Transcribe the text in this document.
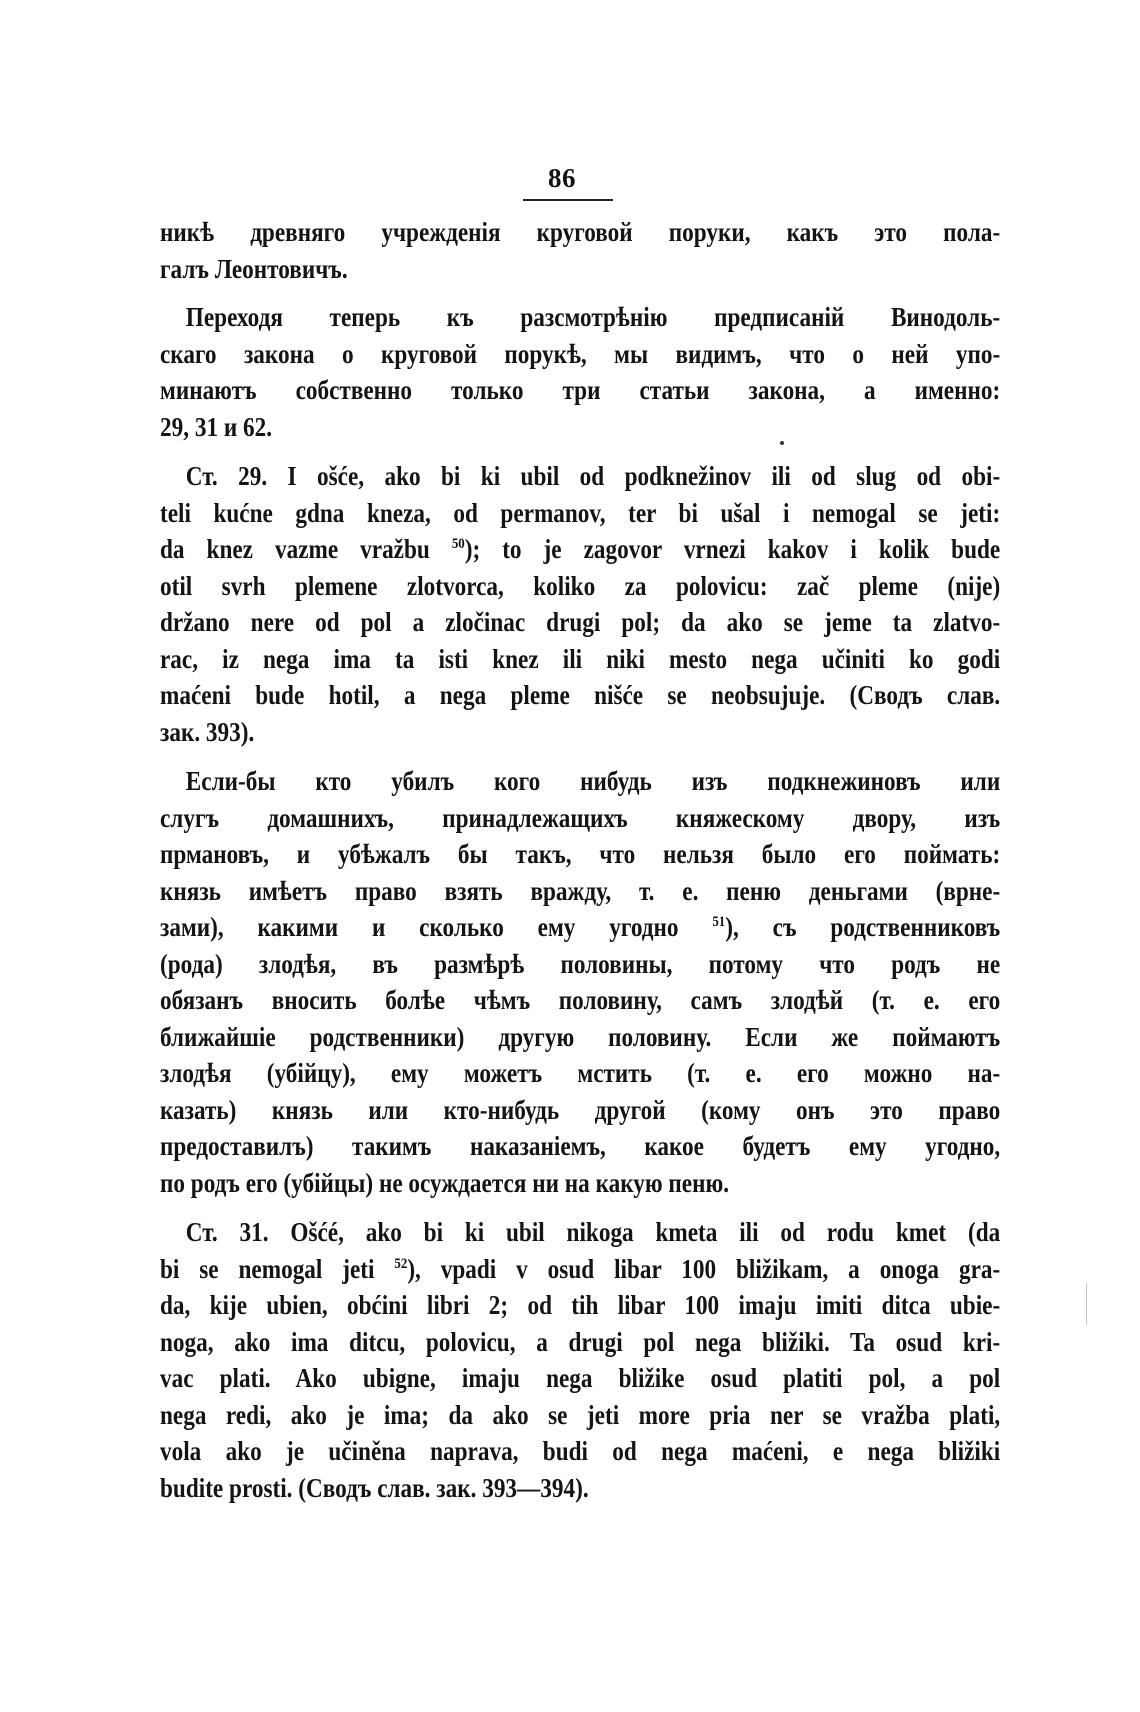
86
никѣ древняго учрежденія круговой поруки, какъ это пола-
галъ Леонтовичъ.
Переходя теперь къ разсмотрѣнію предписаній Винодоль-
скаго закона о круговой порукѣ, мы видимъ, что о ней упо-
минаютъ собственно только три статьи закона, а именно:
29, 31 и 62.
Ст. 29. I ošće, ako bi ki ubil od podknežinov ili od slug od obi-
teli kućne gdna kneza, od permanov, ter bi ušal i nemogal se jeti:
da knez vazme vražbu $^{50}$); to je zagovor vrnezi kakov i kolik bude
otil svrh plemene zlotvorca, koliko za polovicu: zač pleme (nije)
držano nere od pol a zločinac drugi pol; da ako se jeme ta zlatvo-
rac, iz nega ima ta isti knez ili niki mesto nega učiniti ko godi
maćeni bude hotil, a nega pleme nišće se neobsujuje. (Сводъ слав.
зак. 393).
Если-бы кто убилъ кого нибудь изъ подкнежиновъ или
слугъ домашнихъ, принадлежащихъ княжескому двору, изъ
прмановъ, и убѣжалъ бы такъ, что нельзя было его поймать:
князь имѣетъ право взять вражду, т. е. пеню деньгами (врне-
зами), какими и сколько ему угодно $^{51}$), съ родственниковъ
(рода) злодѣя, въ размѣрѣ половины, потому что родъ не
обязанъ вносить болѣе чѣмъ половину, самъ злодѣй (т. е. его
ближайшіе родственники) другую половину. Если же поймаютъ
злодѣя (убійцу), ему можетъ мстить (т. е. его можно на-
казать) князь или кто-нибудь другой (кому онъ это право
предоставилъ) такимъ наказаніемъ, какое будетъ ему угодно,
по родъ его (убійцы) не осуждается ни на какую пеню.
Ст. 31. Ošćé, ako bi ki ubil nikoga kmeta ili od rodu kmet (da
bi se nemogal jeti $^{52}$), vpadi v osud libar 100 bližikam, a onoga gra-
da, kije ubien, obćini libri 2; od tih libar 100 imaju imiti ditca ubie-
noga, ako ima ditcu, polovicu, a drugi pol nega bližiki. Ta osud kri-
vac plati. Ako ubigne, imaju nega bližike osud platiti pol, a pol
nega redi, ako je ima; da ako se jeti more pria ner se vražba plati,
vola ako je učiněna naprava, budi od nega maćeni, e nega bližiki
budite prosti. (Сводъ слав. зак. 393—394).
